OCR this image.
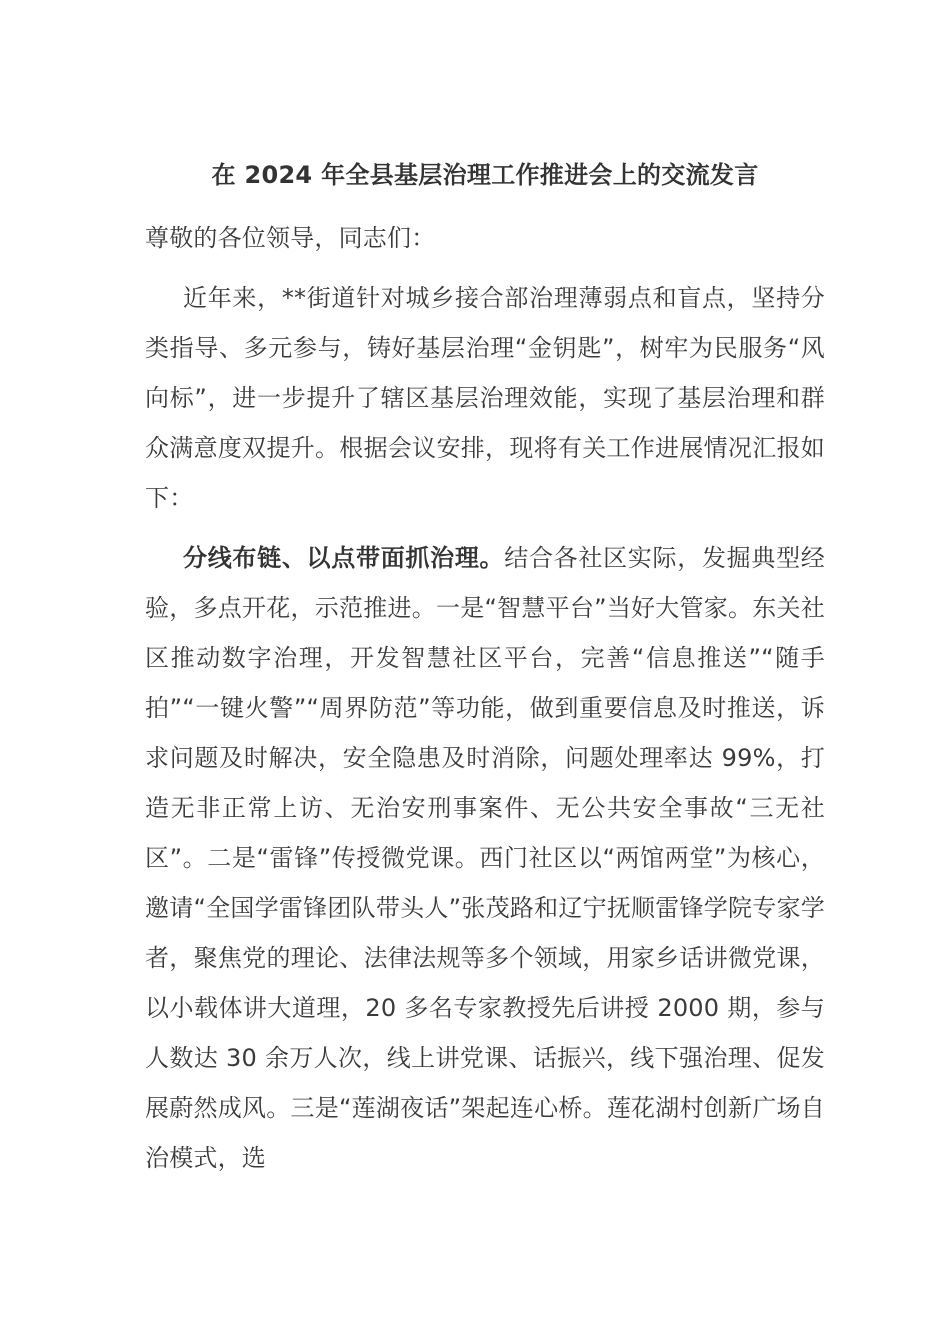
在 2024 年全县基层治理工作推进会上的交流发言

尊敬的各位领导，同志们：

近年来，**街道针对城乡接合部治理薄弱点和盲点，坚持分类指导、多元参与，铸好基层治理“金钥匙”，树牢为民服务“风向标”，进一步提升了辖区基层治理效能，实现了基层治理和群众满意度双提升。根据会议安排，现将有关工作进展情况汇报如下：

分线布链、以点带面抓治理。结合各社区实际，发掘典型经验，多点开花，示范推进。一是“智慧平台”当好大管家。东关社区推动数字治理，开发智慧社区平台，完善“信息推送”“随手拍”“一键火警”“周界防范”等功能，做到重要信息及时推送，诉求问题及时解决，安全隐患及时消除，问题处理率达 99%，打造无非正常上访、无治安刑事案件、无公共安全事故“三无社区”。二是“雷锋”传授微党课。西门社区以“两馆两堂”为核心，邀请“全国学雷锋团队带头人”张茂路和辽宁抚顺雷锋学院专家学者，聚焦党的理论、法律法规等多个领域，用家乡话讲微党课，以小载体讲大道理，20 多名专家教授先后讲授 2000 期，参与人数达 30 余万人次，线上讲党课、话振兴，线下强治理、促发展蔚然成风。三是“莲湖夜话”架起连心桥。莲花湖村创新广场自治模式，选
